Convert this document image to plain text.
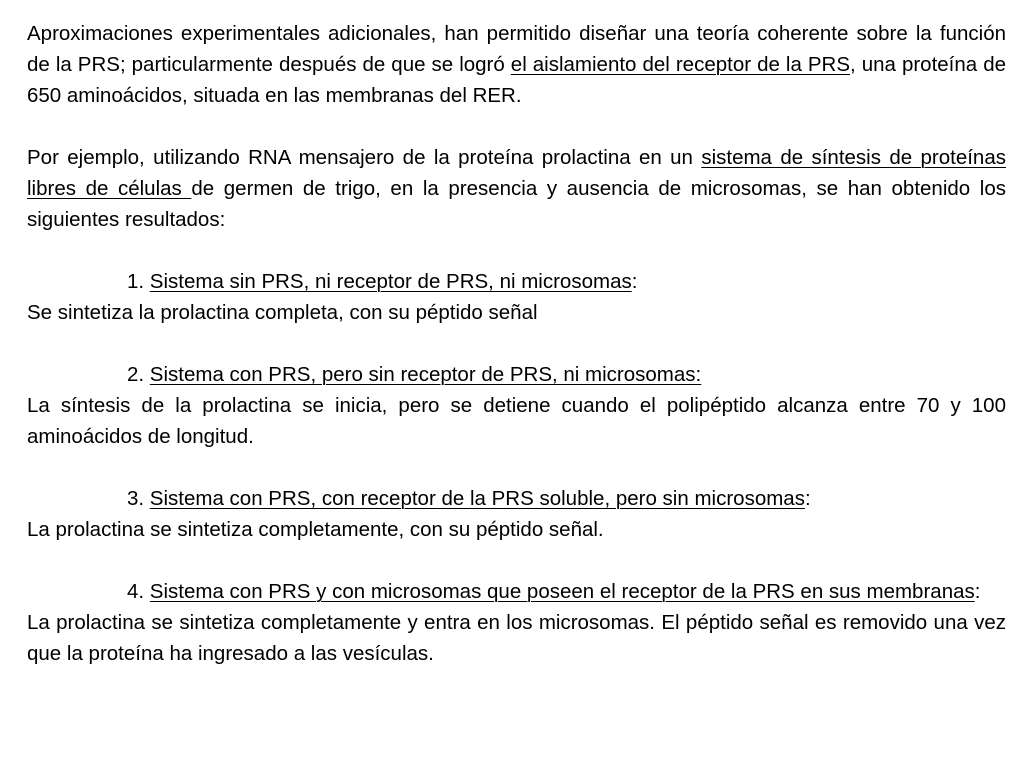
Aproximaciones experimentales adicionales, han permitido diseñar una teoría coherente sobre la función de la PRS; particularmente después de que se logró el aislamiento del receptor de la PRS, una proteína de 650 aminoácidos, situada en las membranas del RER.

Por ejemplo, utilizando RNA mensajero de la proteína prolactina en un sistema de síntesis de proteínas libres de células de germen de trigo, en la presencia y ausencia de microsomas, se han obtenido los siguientes resultados:

1. Sistema sin PRS, ni receptor de PRS, ni microsomas:

Se sintetiza la prolactina completa, con su péptido señal

2. Sistema con PRS, pero sin receptor de PRS, ni microsomas:

La síntesis de la prolactina se inicia, pero se detiene cuando el polipéptido alcanza entre 70 y 100 aminoácidos de longitud.

3. Sistema con PRS, con receptor de la PRS soluble, pero sin microsomas:

La prolactina se sintetiza completamente, con su péptido señal.

4. Sistema con PRS y con microsomas que poseen el receptor de la PRS en sus membranas:

La prolactina se sintetiza completamente y entra en los microsomas. El péptido señal es removido una vez que la proteína ha ingresado a las vesículas.
